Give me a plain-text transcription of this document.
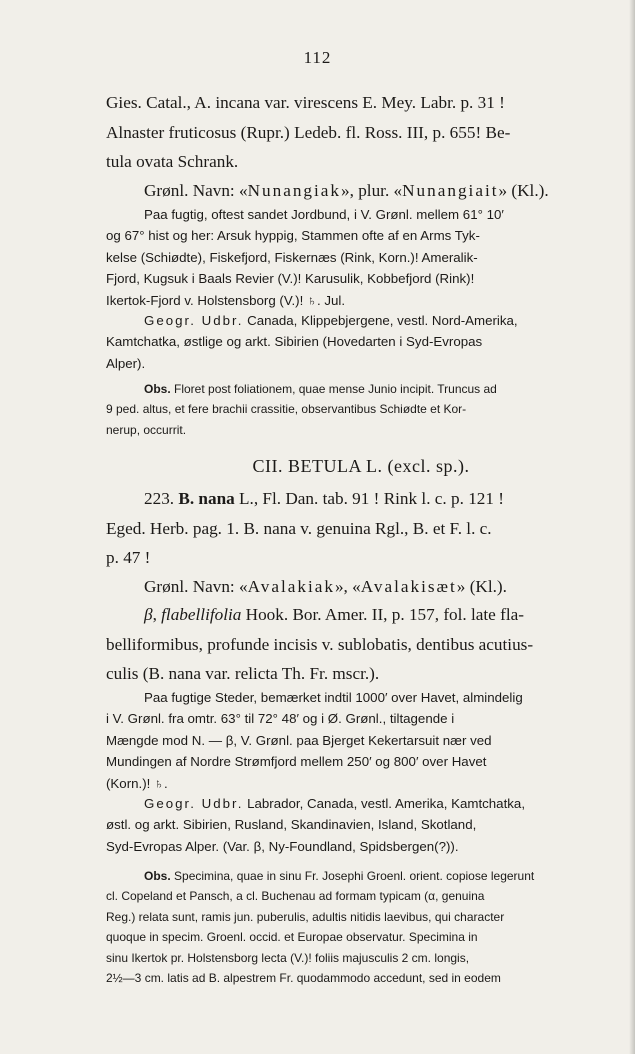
112
Gies. Catal., A. incana var. virescens E. Mey. Labr. p. 31 !
Alnaster fruticosus (Rupr.) Ledeb. fl. Ross. III, p. 655! Be-
tula ovata Schrank.
Grønl. Navn: «Nunangiak», plur. «Nunangiait» (Kl.).
Paa fugtig, oftest sandet Jordbund, i V. Grønl. mellem 61° 10′
og 67° hist og her: Arsuk hyppig, Stammen ofte af en Arms Tyk-
kelse (Schiødte), Fiskefjord, Fiskernæs (Rink, Korn.)! Ameralik-
Fjord, Kugsuk i Baals Revier (V.)! Karusulik, Kobbefjord (Rink)!
Ikertok-Fjord v. Holstensborg (V.)! ♄. Jul.
Geogr. Udbr. Canada, Klippebjergene, vestl. Nord-Amerika,
Kamtchatka, østlige og arkt. Sibirien (Hovedarten i Syd-Evropas
Alper).
Obs. Floret post foliationem, quae mense Junio incipit. Truncus ad
9 ped. altus, et fere brachii crassitie, observantibus Schiødte et Kor-
nerup, occurrit.
CII. BETULA L. (excl. sp.).
223. B. nana L., Fl. Dan. tab. 91 ! Rink l. c. p. 121 !
Eged. Herb. pag. 1. B. nana v. genuina Rgl., B. et F. l. c.
p. 47 !
Grønl. Navn: «Avalakiak», «Avalakisæt» (Kl.).
β, flabellifolia Hook. Bor. Amer. II, p. 157, fol. late fla-
belliformibus, profunde incisis v. sublobatis, dentibus acutius-
culis (B. nana var. relicta Th. Fr. mscr.).
Paa fugtige Steder, bemærket indtil 1000′ over Havet, almindelig
i V. Grønl. fra omtr. 63° til 72° 48′ og i Ø. Grønl., tiltagende i
Mængde mod N. — β, V. Grønl. paa Bjerget Kekertarsuit nær ved
Mundingen af Nordre Strømfjord mellem 250′ og 800′ over Havet
(Korn.)! ♄.
Geogr. Udbr. Labrador, Canada, vestl. Amerika, Kamtchatka,
østl. og arkt. Sibirien, Rusland, Skandinavien, Island, Skotland,
Syd-Evropas Alper. (Var. β, Ny-Foundland, Spidsbergen(?)).
Obs. Specimina, quae in sinu Fr. Josephi Groenl. orient. copiose legerunt
cl. Copeland et Pansch, a cl. Buchenau ad formam typicam (α, genuina
Reg.) relata sunt, ramis jun. puberulis, adultis nitidis laevibus, qui character
quoque in specim. Groenl. occid. et Europae observatur. Specimina in
sinu Ikertok pr. Holstensborg lecta (V.)! foliis majusculis 2 cm. longis,
2½—3 cm. latis ad B. alpestrem Fr. quodammodo accedunt, sed in eodem
